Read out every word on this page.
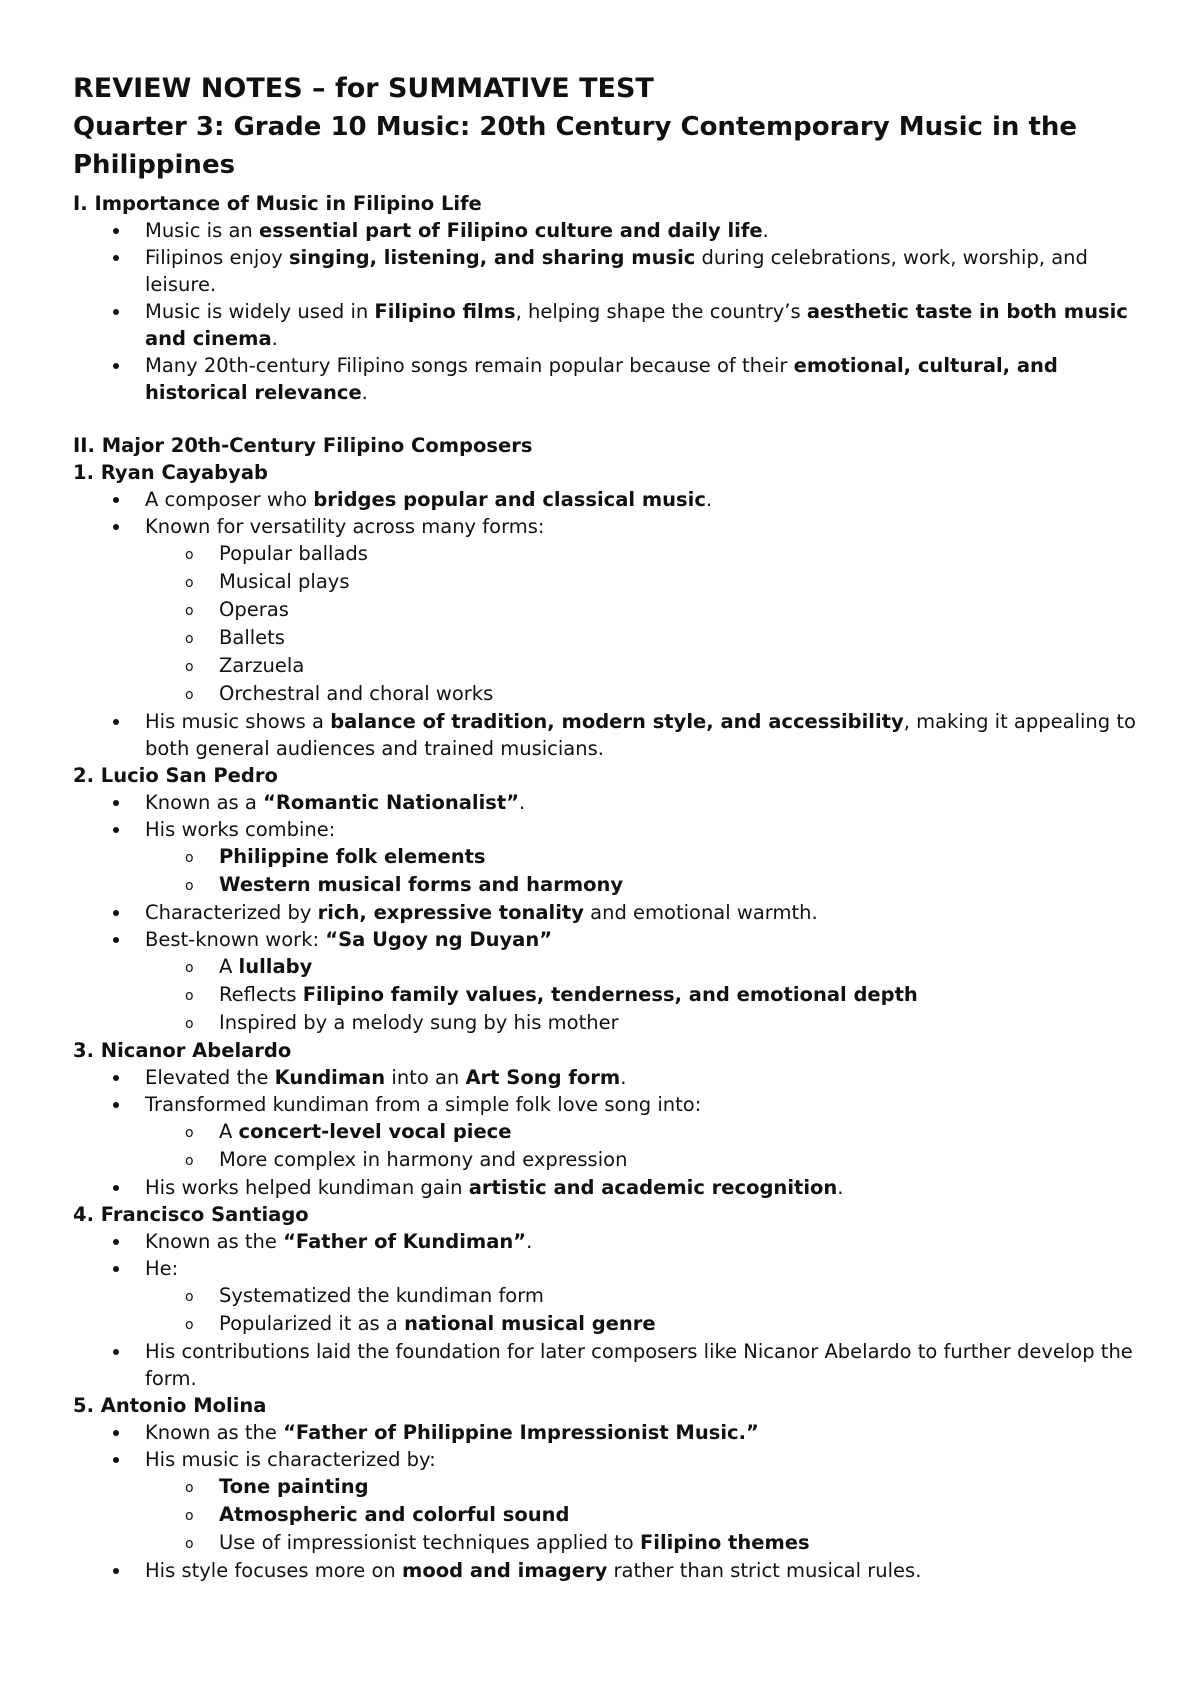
REVIEW NOTES – for SUMMATIVE TEST
Quarter 3: Grade 10 Music: 20th Century Contemporary Music in the Philippines
I. Importance of Music in Filipino Life
Music is an essential part of Filipino culture and daily life.
Filipinos enjoy singing, listening, and sharing music during celebrations, work, worship, and leisure.
Music is widely used in Filipino films, helping shape the country’s aesthetic taste in both music and cinema.
Many 20th-century Filipino songs remain popular because of their emotional, cultural, and historical relevance.
II. Major 20th-Century Filipino Composers
1. Ryan Cayabyab
A composer who bridges popular and classical music.
Known for versatility across many forms:
o Popular ballads
o Musical plays
o Operas
o Ballets
o Zarzuela
o Orchestral and choral works
His music shows a balance of tradition, modern style, and accessibility, making it appealing to both general audiences and trained musicians.
2. Lucio San Pedro
Known as a “Romantic Nationalist”.
His works combine:
o Philippine folk elements
o Western musical forms and harmony
Characterized by rich, expressive tonality and emotional warmth.
Best-known work: “Sa Ugoy ng Duyan”
o A lullaby
o Reflects Filipino family values, tenderness, and emotional depth
o Inspired by a melody sung by his mother
3. Nicanor Abelardo
Elevated the Kundiman into an Art Song form.
Transformed kundiman from a simple folk love song into:
o A concert-level vocal piece
o More complex in harmony and expression
His works helped kundiman gain artistic and academic recognition.
4. Francisco Santiago
Known as the “Father of Kundiman”.
He:
o Systematized the kundiman form
o Popularized it as a national musical genre
His contributions laid the foundation for later composers like Nicanor Abelardo to further develop the form.
5. Antonio Molina
Known as the “Father of Philippine Impressionist Music.”
His music is characterized by:
o Tone painting
o Atmospheric and colorful sound
o Use of impressionist techniques applied to Filipino themes
His style focuses more on mood and imagery rather than strict musical rules.
